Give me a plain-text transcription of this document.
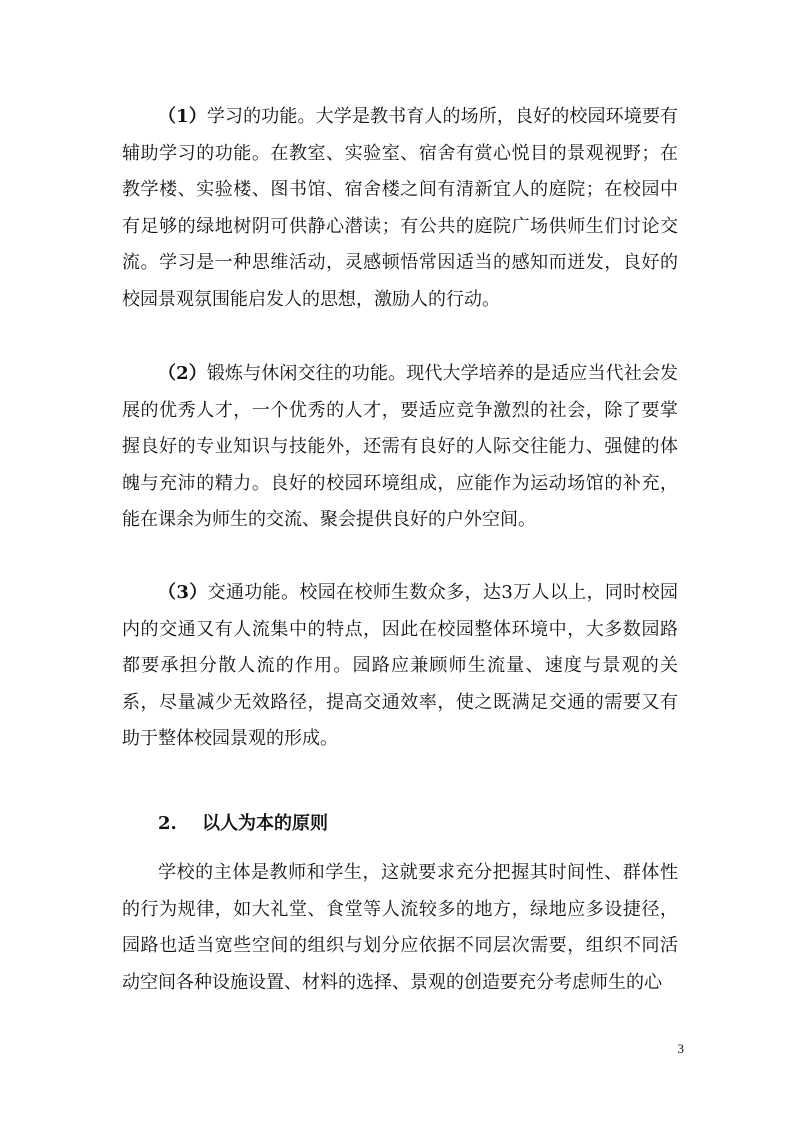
（1）学习的功能。大学是教书育人的场所，良好的校园环境要有辅助学习的功能。在教室、实验室、宿舍有赏心悦目的景观视野；在教学楼、实验楼、图书馆、宿舍楼之间有清新宜人的庭院；在校园中有足够的绿地树阴可供静心潜读；有公共的庭院广场供师生们讨论交流。学习是一种思维活动，灵感顿悟常因适当的感知而迸发，良好的校园景观氛围能启发人的思想，激励人的行动。

（2）锻炼与休闲交往的功能。现代大学培养的是适应当代社会发展的优秀人才，一个优秀的人才，要适应竞争激烈的社会，除了要掌握良好的专业知识与技能外，还需有良好的人际交往能力、强健的体魄与充沛的精力。良好的校园环境组成，应能作为运动场馆的补充，能在课余为师生的交流、聚会提供良好的户外空间。

（3）交通功能。校园在校师生数众多，达3万人以上，同时校园内的交通又有人流集中的特点，因此在校园整体环境中，大多数园路都要承担分散人流的作用。园路应兼顾师生流量、速度与景观的关系，尽量减少无效路径，提高交通效率，使之既满足交通的需要又有助于整体校园景观的形成。

2. 以人为本的原则

学校的主体是教师和学生，这就要求充分把握其时间性、群体性的行为规律，如大礼堂、食堂等人流较多的地方，绿地应多设捷径，园路也适当宽些空间的组织与划分应依据不同层次需要，组织不同活动空间各种设施设置、材料的选择、景观的创造要充分考虑师生的心

3
